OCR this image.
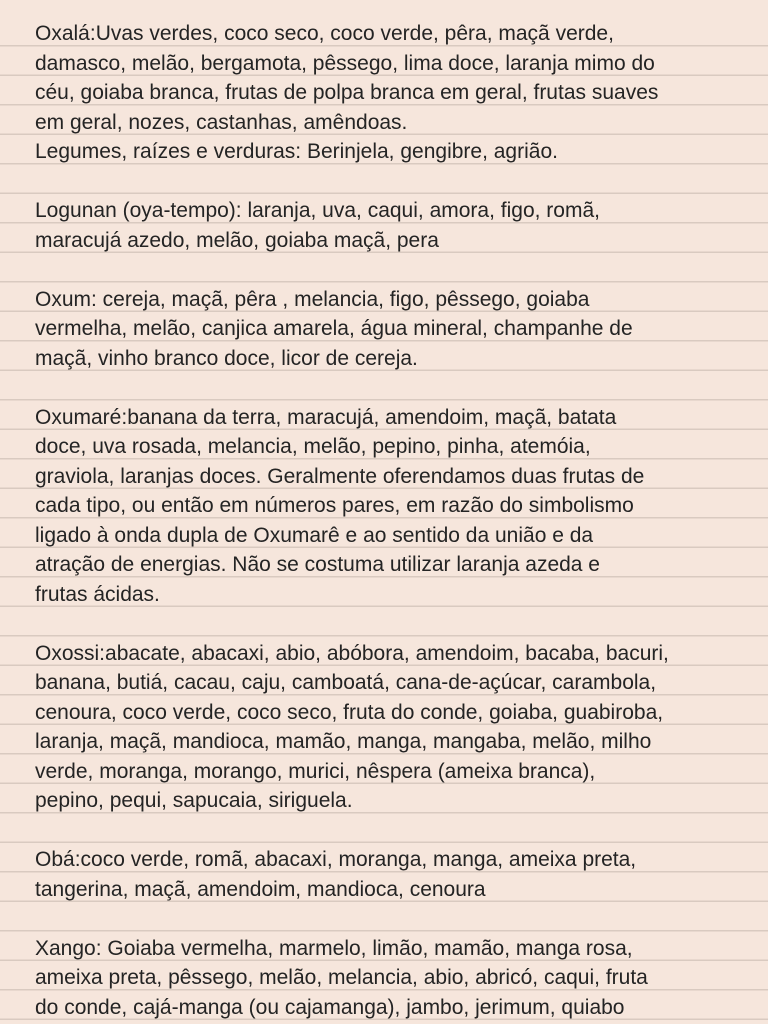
Oxalá:Uvas verdes, coco seco, coco verde, pêra, maçã verde,
damasco, melão, bergamota, pêssego, lima doce, laranja mimo do
céu, goiaba branca, frutas de polpa branca em geral, frutas suaves
em geral, nozes, castanhas, amêndoas.
Legumes, raízes e verduras: Berinjela, gengibre, agrião.
Logunan (oya-tempo): laranja, uva, caqui, amora, figo, romã,
maracujá azedo, melão, goiaba maçã, pera
Oxum: cereja, maçã, pêra , melancia, figo, pêssego, goiaba
vermelha, melão, canjica amarela, água mineral, champanhe de
maçã, vinho branco doce, licor de cereja.
Oxumaré:banana da terra, maracujá, amendoim, maçã, batata
doce, uva rosada, melancia, melão, pepino, pinha, atemóia,
graviola, laranjas doces. Geralmente oferendamos duas frutas de
cada tipo, ou então em números pares, em razão do simbolismo
ligado à onda dupla de Oxumarê e ao sentido da união e da
atração de energias. Não se costuma utilizar laranja azeda e
frutas ácidas.
Oxossi:abacate, abacaxi, abio, abóbora, amendoim, bacaba, bacuri,
banana, butiá, cacau, caju, camboatá, cana-de-açúcar, carambola,
cenoura, coco verde, coco seco, fruta do conde, goiaba, guabiroba,
laranja, maçã, mandioca, mamão, manga, mangaba, melão, milho
verde, moranga, morango, murici, nêspera (ameixa branca),
pepino, pequi, sapucaia, siriguela.
Obá:coco verde, romã, abacaxi, moranga, manga, ameixa preta,
tangerina, maçã, amendoim, mandioca, cenoura
Xango: Goiaba vermelha, marmelo, limão, mamão, manga rosa,
ameixa preta, pêssego, melão, melancia, abio, abricó, caqui, fruta
do conde, cajá-manga (ou cajamanga), jambo, jerimum, quiabo
